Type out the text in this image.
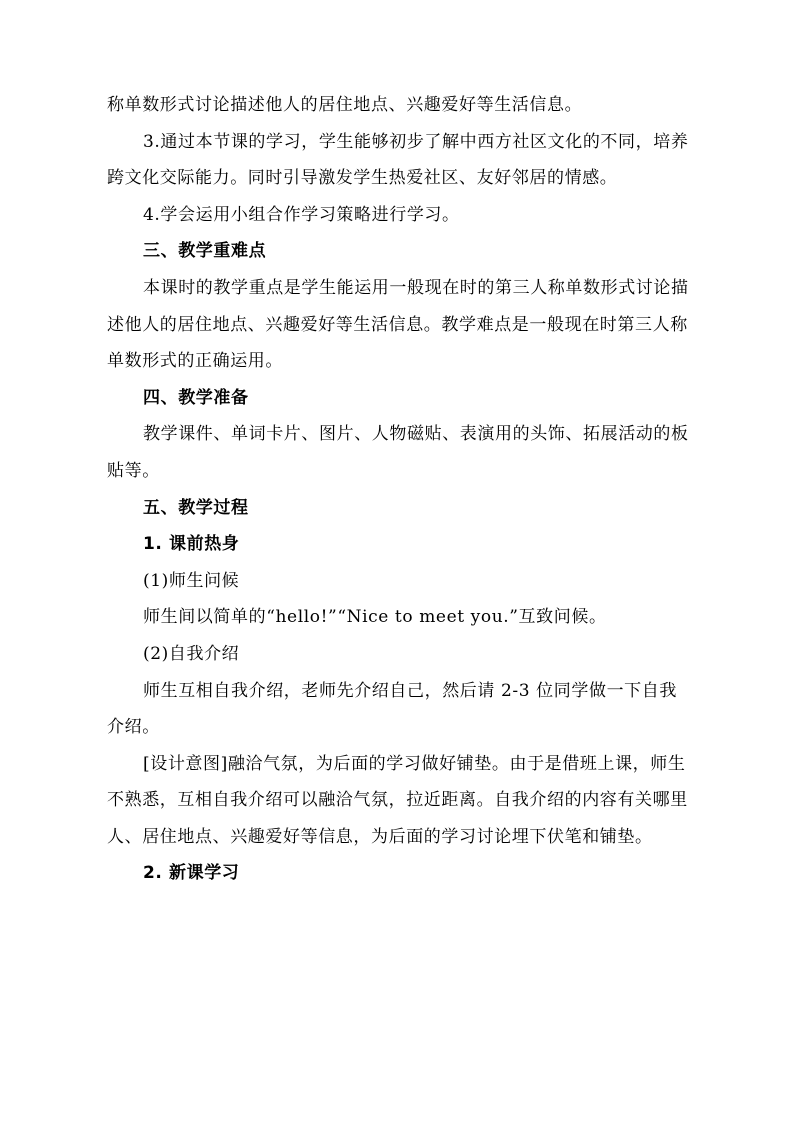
称单数形式讨论描述他人的居住地点、兴趣爱好等生活信息。

3.通过本节课的学习，学生能够初步了解中西方社区文化的不同，培养跨文化交际能力。同时引导激发学生热爱社区、友好邻居的情感。

4.学会运用小组合作学习策略进行学习。

三、教学重难点

本课时的教学重点是学生能运用一般现在时的第三人称单数形式讨论描述他人的居住地点、兴趣爱好等生活信息。教学难点是一般现在时第三人称单数形式的正确运用。

四、教学准备

教学课件、单词卡片、图片、人物磁贴、表演用的头饰、拓展活动的板贴等。

五、教学过程

1. 课前热身

(1)师生问候

师生间以简单的“hello!”“Nice to meet you.”互致问候。

(2)自我介绍

师生互相自我介绍，老师先介绍自己，然后请 2-3 位同学做一下自我介绍。

[设计意图]融洽气氛，为后面的学习做好铺垫。由于是借班上课，师生不熟悉，互相自我介绍可以融洽气氛，拉近距离。自我介绍的内容有关哪里人、居住地点、兴趣爱好等信息，为后面的学习讨论埋下伏笔和铺垫。

2. 新课学习
